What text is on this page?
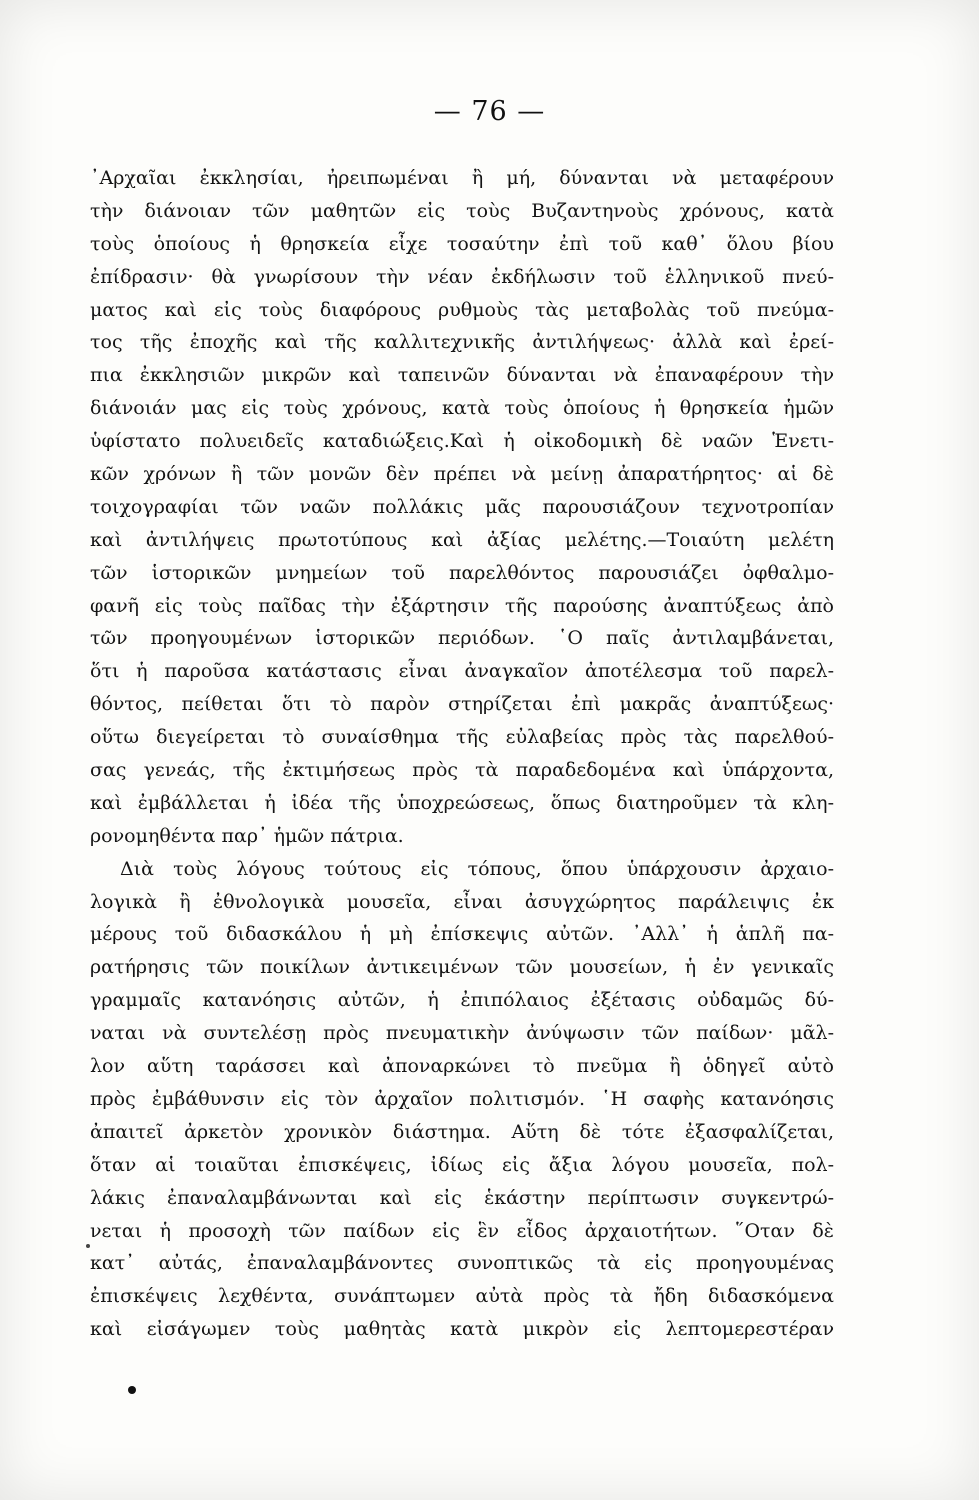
— 76 —
᾿Αρχαῖαι ἐκκλησίαι, ἠρειπωμέναι ἢ μή, δύνανται νὰ μεταφέρουν
τὴν διάνοιαν τῶν μαθητῶν εἰς τοὺς Βυζαντηνοὺς χρόνους, κατὰ
τοὺς ὁποίους ἡ θρησκεία εἶχε τοσαύτην ἐπὶ τοῦ καθ᾿ ὅλου βίου
ἐπίδρασιν· θὰ γνωρίσουν τὴν νέαν ἐκδήλωσιν τοῦ ἑλληνικοῦ πνεύ-
ματος καὶ εἰς τοὺς διαφόρους ρυθμοὺς τὰς μεταβολὰς τοῦ πνεύμα-
τος τῆς ἐποχῆς καὶ τῆς καλλιτεχνικῆς ἀντιλήψεως· ἀλλὰ καὶ ἐρεί-
πια ἐκκλησιῶν μικρῶν καὶ ταπεινῶν δύνανται νὰ ἐπαναφέρουν τὴν
διάνοιάν μας εἰς τοὺς χρόνους, κατὰ τοὺς ὁποίους ἡ θρησκεία ἡμῶν
ὑφίστατο πολυειδεῖς καταδιώξεις.Καὶ ἡ οἰκοδομικὴ δὲ ναῶν Ἑνετι-
κῶν χρόνων ἢ τῶν μονῶν δὲν πρέπει νὰ μείνῃ ἀπαρατήρητος· αἱ δὲ
τοιχογραφίαι τῶν ναῶν πολλάκις μᾶς παρουσιάζουν τεχνοτροπίαν
καὶ ἀντιλήψεις πρωτοτύπους καὶ ἀξίας μελέτης.—Τοιαύτη μελέτη
τῶν ἱστορικῶν μνημείων τοῦ παρελθόντος παρουσιάζει ὀφθαλμο-
φανῆ εἰς τοὺς παῖδας τὴν ἐξάρτησιν τῆς παρούσης ἀναπτύξεως ἀπὸ
τῶν προηγουμένων ἱστορικῶν περιόδων. ῾Ο παῖς ἀντιλαμβάνεται,
ὅτι ἡ παροῦσα κατάστασις εἶναι ἀναγκαῖον ἀποτέλεσμα τοῦ παρελ-
θόντος, πείθεται ὅτι τὸ παρὸν στηρίζεται ἐπὶ μακρᾶς ἀναπτύξεως·
οὕτω διεγείρεται τὸ συναίσθημα τῆς εὐλαβείας πρὸς τὰς παρελθού-
σας γενεάς, τῆς ἐκτιμήσεως πρὸς τὰ παραδεδομένα καὶ ὑπάρχοντα,
καὶ ἐμβάλλεται ἡ ἰδέα τῆς ὑποχρεώσεως, ὅπως διατηροῦμεν τὰ κλη-
ρονομηθέντα παρ᾿ ἡμῶν πάτρια.
Διὰ τοὺς λόγους τούτους εἰς τόπους, ὅπου ὑπάρχουσιν ἀρχαιο-
λογικὰ ἢ ἐθνολογικὰ μουσεῖα, εἶναι ἀσυγχώρητος παράλειψις ἐκ
μέρους τοῦ διδασκάλου ἡ μὴ ἐπίσκεψις αὐτῶν. ᾿Αλλ᾿ ἡ ἁπλῆ πα-
ρατήρησις τῶν ποικίλων ἀντικειμένων τῶν μουσείων, ἡ ἐν γενικαῖς
γραμμαῖς κατανόησις αὐτῶν, ἡ ἐπιπόλαιος ἐξέτασις οὐδαμῶς δύ-
ναται νὰ συντελέσῃ πρὸς πνευματικὴν ἀνύψωσιν τῶν παίδων· μᾶλ-
λον αὕτη ταράσσει καὶ ἀποναρκώνει τὸ πνεῦμα ἢ ὁδηγεῖ αὐτὸ
πρὸς ἐμβάθυνσιν εἰς τὸν ἀρχαῖον πολιτισμόν. ῾Η σαφὴς κατανόησις
ἀπαιτεῖ ἀρκετὸν χρονικὸν διάστημα. Αὕτη δὲ τότε ἐξασφαλίζεται,
ὅταν αἱ τοιαῦται ἐπισκέψεις, ἰδίως εἰς ἄξια λόγου μουσεῖα, πολ-
λάκις ἐπαναλαμβάνωνται καὶ εἰς ἑκάστην περίπτωσιν συγκεντρώ-
νεται ἡ προσοχὴ τῶν παίδων εἰς ἓν εἶδος ἀρχαιοτήτων. ῞Οταν δὲ
κατ᾿ αὐτάς, ἐπαναλαμβάνοντες συνοπτικῶς τὰ εἰς προηγουμένας
ἐπισκέψεις λεχθέντα, συνάπτωμεν αὐτὰ πρὸς τὰ ἤδη διδασκόμενα
καὶ εἰσάγωμεν τοὺς μαθητὰς κατὰ μικρὸν εἰς λεπτομερεστέραν
